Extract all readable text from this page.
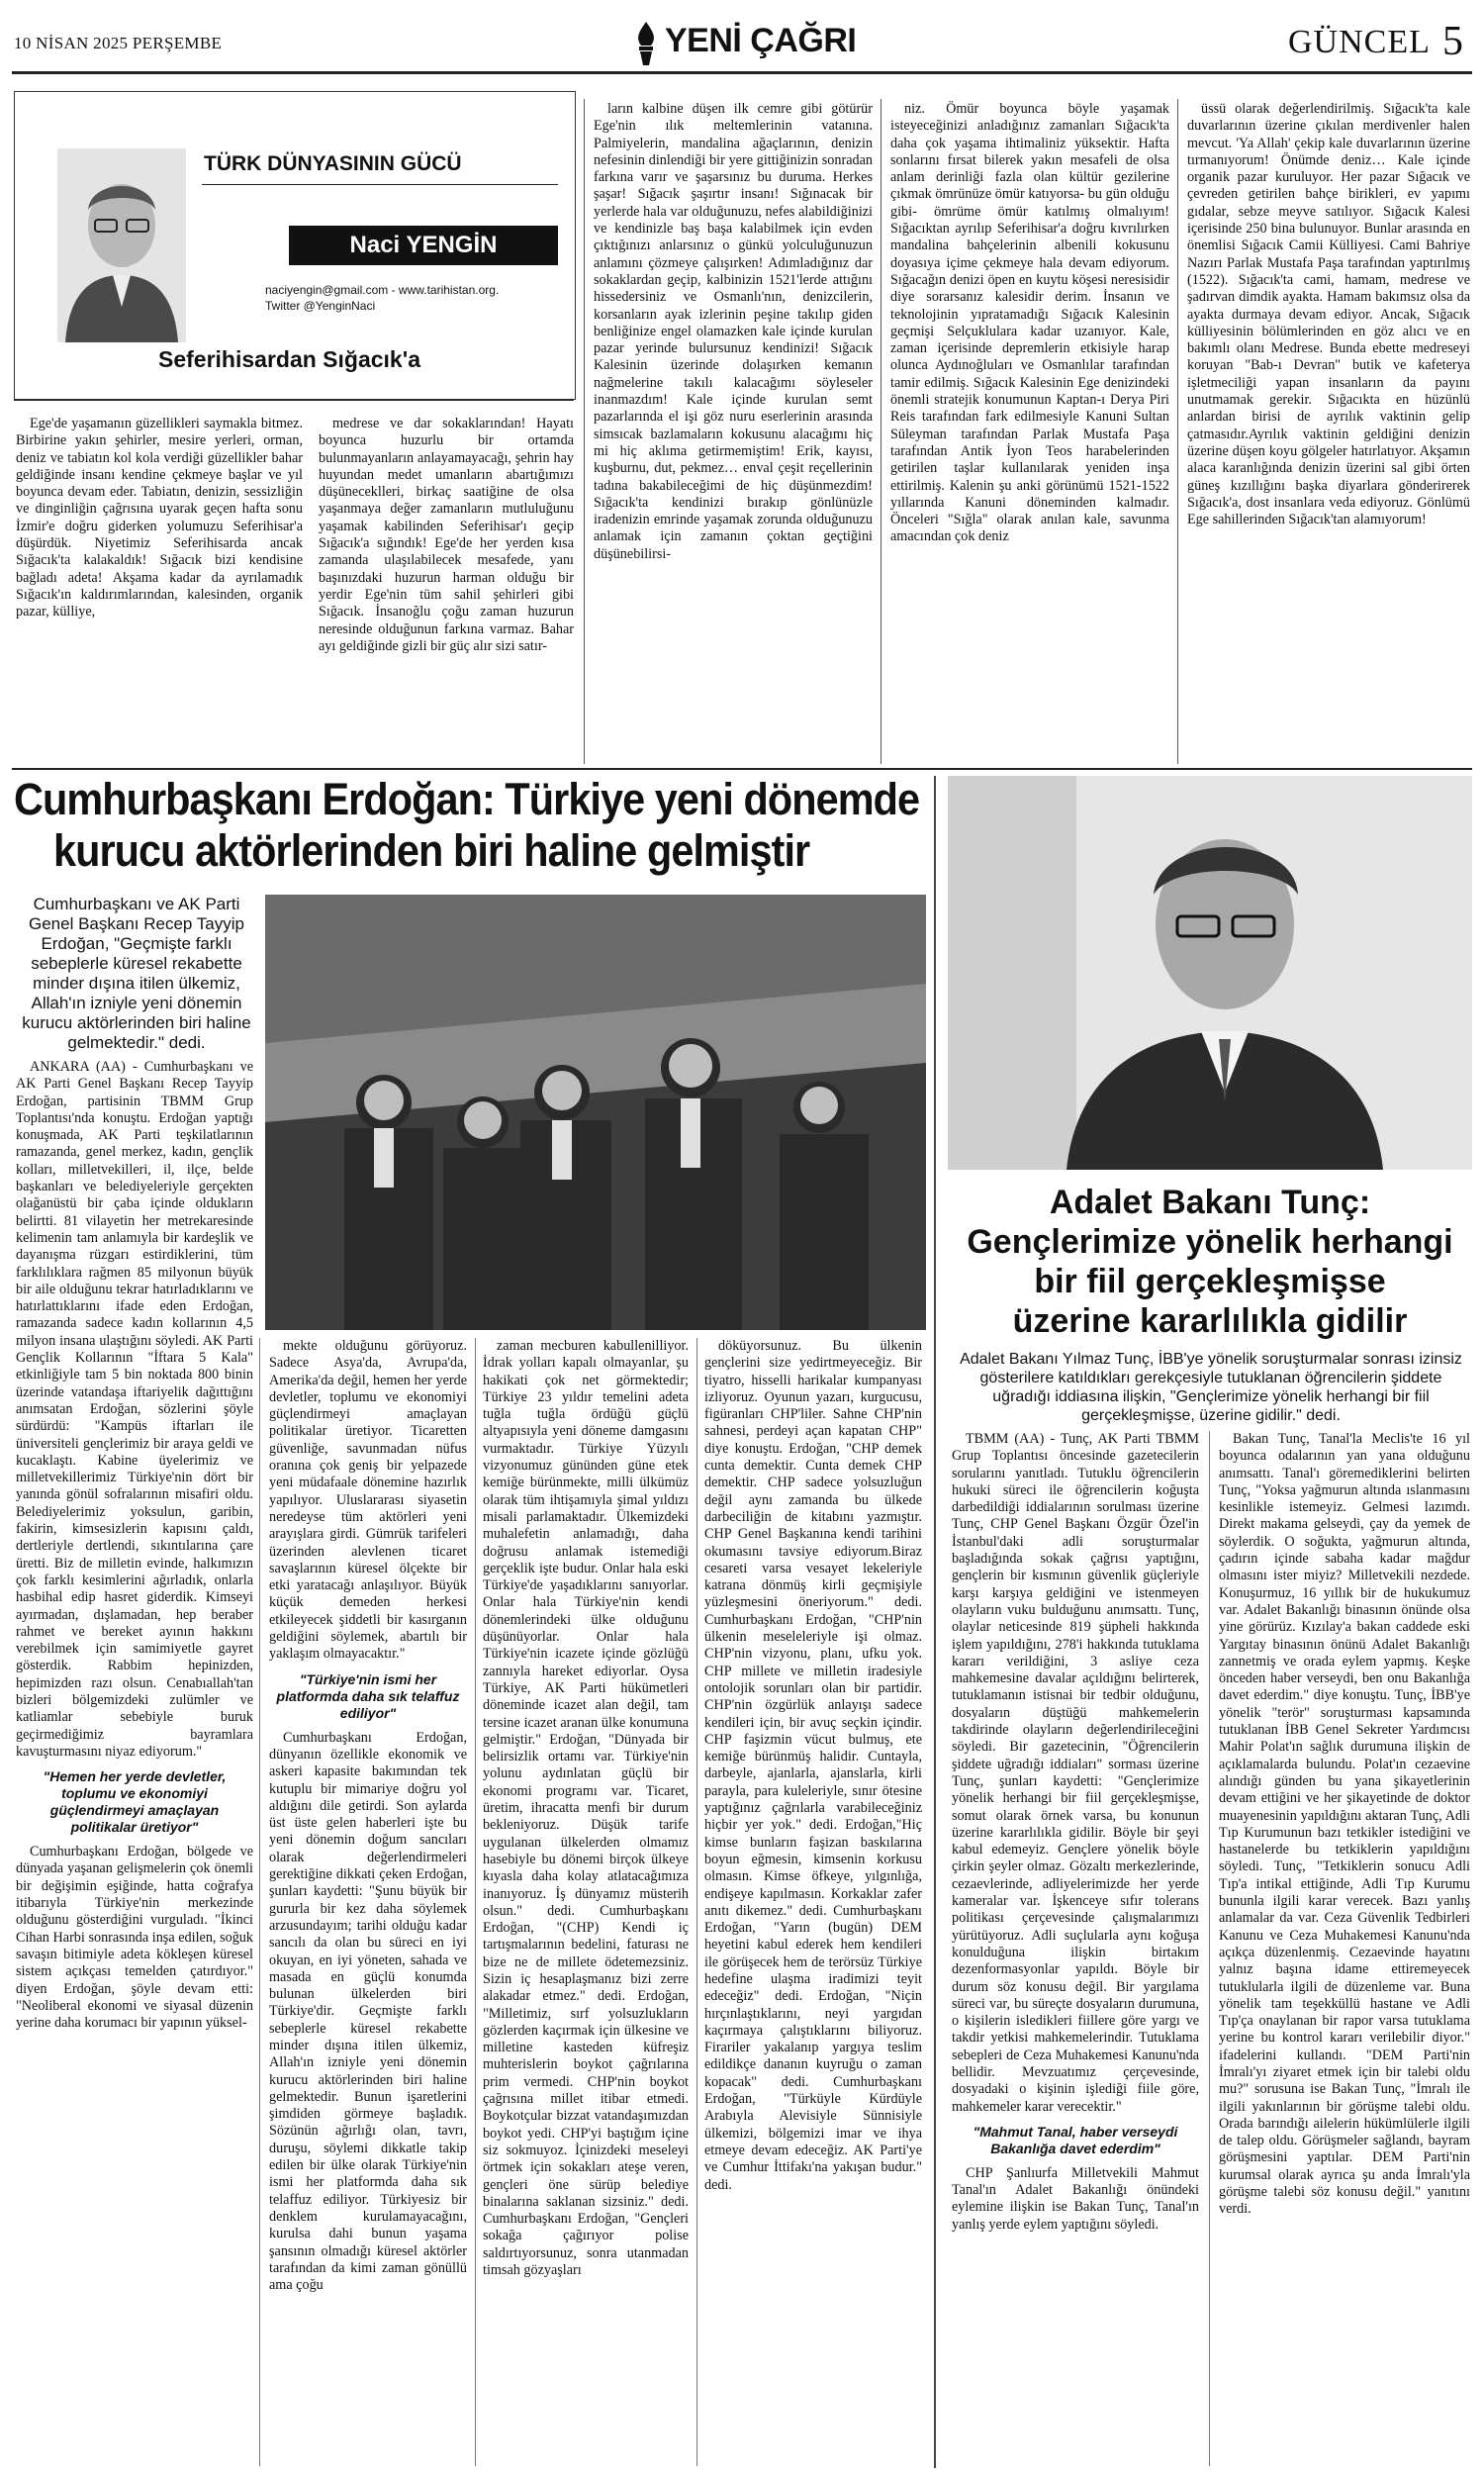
10 NİSAN 2025 PERŞEMBE	YENİ ÇAĞRI	GÜNCEL 5
TÜRK DÜNYASININ GÜCÜ
Naci YENGİN
naciyengin@gmail.com - www.tarihistan.org.
Twitter @YenginNaci
Seferihisardan Sığacık'a

Ege'de yaşamanın güzellikleri saymakla bitmez. Birbirine yakın şehirler, mesire yerleri, orman, deniz ve tabiatın kol kola verdiği güzellikler bahar geldiğinde insanı kendine çekmeye başlar ve yıl boyunca devam eder. Tabiatın, denizin, sessizliğin ve dinginliğin çağrısına uyarak geçen hafta sonu İzmir'e doğru giderken yolumuzu Seferihisar'a düşürdük. Niyetimiz Seferihisarda ancak Sığacık'ta kalakaldık! Sığacık bizi kendisine bağladı adeta! Akşama kadar da ayrılamadık Sığacık'ın kaldırımlarından, kalesinden, organik pazar, külliye,

medrese ve dar sokaklarından! Hayatı boyunca huzurlu bir ortamda bulunmayanların anlayamayacağı, şehrin hay huyundan medet umanların abartığımızı düşüneceklleri, birkaç saatiğine de olsa yaşanmaya değer zamanların mutluluğunu yaşamak kabilinden Seferihisar'ı geçip Sığacık'a sığındık! Ege'de her yerden kısa zamanda ulaşılabilecek mesafede, yanı başınızdaki huzurun harman olduğu bir yerdir Ege'nin tüm sahil şehirleri gibi Sığacık. İnsanoğlu çoğu zaman huzurun neresinde olduğunun farkına varmaz. Bahar ayı geldiğinde gizli bir güç alır sizi satır-

ların kalbine düşen ilk cemre gibi götürür Ege'nin ılık meltemlerinin vatanına. Palmiyelerin, mandalina ağaçlarının, denizin nefesinin dinlendiği bir yere gittiğinizin sonradan farkına varır ve şaşarsınız bu duruma. Herkes şaşar! Sığacık şaşırtır insanı! Sığınacak bir yerlerde hala var olduğunuzu, nefes alabildiğinizi ve kendinizle baş başa kalabilmek için evden çıktığınızı anlarsınız o günkü yolculuğunuzun anlamını çözmeye çalışırken! Adımladığınız dar sokaklardan geçip, kalbinizin 1521'lerde attığını hissedersiniz ve Osmanlı'nın, denizcilerin, korsanların ayak izlerinin peşine takılıp giden benliğinize engel olamazken kale içinde kurulan pazar yerinde bulursunuz kendinizi! Sığacık Kalesinin üzerinde dolaşırken kemanın nağmelerine takılı kalacağımı söyleseler inanmazdım! Kale içinde kurulan semt pazarlarında el işi göz nuru eserlerinin arasında simsıcak bazlamaların kokusunu alacağımı hiç mi hiç aklıma getirmemiştim! Erik, kayısı, kuşburnu, dut, pekmez… enval çeşit reçellerinin tadına bakabileceğimi de hiç düşünmezdim! Sığacık'ta kendinizi bırakıp gönlünüzle iradenizin emrinde yaşamak zorunda olduğunuzu anlamak için zamanın çoktan geçtiğini düşünebilirsi-

niz. Ömür boyunca böyle yaşamak isteyeceğinizi anladığınız zamanları Sığacık'ta daha çok yaşama ihtimaliniz yüksektir. Hafta sonlarını fırsat bilerek yakın mesafeli de olsa anlam derinliği fazla olan kültür gezilerine çıkmak ömrünüze ömür katıyorsa- bu gün olduğu gibi- ömrüme ömür katılmış olmalıyım! Sığacıktan ayrılıp Seferihisar'a doğru kıvrılırken mandalina bahçelerinin albenili kokusunu doyasıya içime çekmeye hala devam ediyorum. Sığacağın denizi öpen en kuytu köşesi neresisidir diye sorarsanız kalesidir derim. İnsanın ve teknolojinin yıpratamadığı Sığacık Kalesinin geçmişi Selçuklulara kadar uzanıyor. Kale, zaman içerisinde depremlerin etkisiyle harap olunca Aydınoğluları ve Osmanlılar tarafından tamir edilmiş. Sığacık Kalesinin Ege denizindeki önemli stratejik konumunun Kaptan-ı Derya Piri Reis tarafından fark edilmesiyle Kanuni Sultan Süleyman tarafından Parlak Mustafa Paşa tarafından Antik İyon Teos harabelerinden getirilen taşlar kullanılarak yeniden inşa ettirilmiş. Kalenin şu anki görünümü 1521-1522 yıllarında Kanuni döneminden kalmadır. Önceleri "Sığla" olarak anılan kale, savunma amacından çok deniz

üssü olarak değerlendirilmiş. Sığacık'ta kale duvarlarının üzerine çıkılan merdivenler halen mevcut. 'Ya Allah' çekip kale duvarlarının üzerine tırmanıyorum! Önümde deniz… Kale içinde organik pazar kuruluyor. Her pazar Sığacık ve çevreden getirilen bahçe birikleri, ev yapımı gıdalar, sebze meyve satılıyor. Sığacık Kalesi içerisinde 250 bina bulunuyor. Bunlar arasında en önemlisi Sığacık Camii Külliyesi. Cami Bahriye Nazırı Parlak Mustafa Paşa tarafından yaptırılmış (1522). Sığacık'ta cami, hamam, medrese ve şadırvan dimdik ayakta. Hamam bakımsız olsa da ayakta durmaya devam ediyor. Ancak, Sığacık külliyesinin bölümlerinden en göz alıcı ve en bakımlı olanı Medrese. Bunda ebette medreseyi koruyan "Bab-ı Devran" butik ve kafeterya işletmeciliği yapan insanların da payını unutmamak gerekir. Sığacıkta en hüzünlü anlardan birisi de ayrılık vaktinin gelip çatmasıdır.Ayrılık vaktinin geldiğini denizin üzerine düşen koyu gölgeler hatırlatıyor. Akşamın alaca karanlığında denizin üzerini sal gibi örten güneş kızıllığını başka diyarlara gönderirerek Sığacık'a, dost insanlara veda ediyoruz. Gönlümü Ege sahillerinden Sığacık'tan alamıyorum!

Cumhurbaşkanı Erdoğan: Türkiye yeni dönemde
kurucu aktörlerinden biri haline gelmiştir
Cumhurbaşkanı ve AK Parti Genel Başkanı Recep Tayyip Erdoğan, "Geçmişte farklı sebeplerle küresel rekabette minder dışına itilen ülkemiz, Allah'ın izniyle yeni dönemin kurucu aktörlerinden biri haline gelmektedir." dedi.

ANKARA (AA) - Cumhurbaşkanı ve AK Parti Genel Başkanı Recep Tayyip Erdoğan, partisinin TBMM Grup Toplantısı'nda konuştu. Erdoğan yaptığı konuşmada, AK Parti teşkilatlarının ramazanda, genel merkez, kadın, gençlik kolları, milletvekilleri, il, ilçe, belde başkanları ve belediyeleriyle gerçekten olağanüstü bir çaba içinde oldukların belirtti. 81 vilayetin her metrekaresinde kelimenin tam anlamıyla bir kardeşlik ve dayanışma rüzgarı estirdiklerini, tüm farklılıklara rağmen 85 milyonun büyük bir aile olduğunu tekrar hatırladıklarını ve hatırlattıklarını ifade eden Erdoğan, ramazanda sadece kadın kollarının 4,5 milyon insana ulaştığını söyledi. AK Parti Gençlik Kollarının "İftara 5 Kala" etkinliğiyle tam 5 bin noktada 800 binin üzerinde vatandaşa iftariyelik dağıttığını anımsatan Erdoğan, sözlerini şöyle sürdürdü: "Kampüs iftarları ile üniversiteli gençlerimiz bir araya geldi ve kucaklaştı. Kabine üyelerimiz ve milletvekillerimiz Türkiye'nin dört bir yanında gönül sofralarının misafiri oldu. Belediyelerimiz yoksulun, garibin, fakirin, kimsesizlerin kapısını çaldı, dertleriyle dertlendi, sıkıntılarına çare üretti. Biz de milletin evinde, halkımızın çok farklı kesimlerini ağırladık, onlarla hasbihal edip hasret giderdik. Kimseyi ayırmadan, dışlamadan, hep beraber rahmet ve bereket ayının hakkını verebilmek için samimiyetle gayret gösterdik. Rabbim hepinizden, hepimizden razı olsun. Cenabıallah'tan bizleri bölgemizdeki zulümler ve katliamlar sebebiyle buruk geçirmediğimiz bayramlara kavuşturmasını niyaz ediyorum."

"Hemen her yerde devletler, toplumu ve ekonomiyi güçlendirmeyi amaçlayan politikalar üretiyor"

Cumhurbaşkanı Erdoğan, bölgede ve dünyada yaşanan gelişmelerin çok önemli bir değişimin eşiğinde, hatta coğrafya itibarıyla Türkiye'nin merkezinde olduğunu gösterdiğini vurguladı. "İkinci Cihan Harbi sonrasında inşa edilen, soğuk savaşın bitimiyle adeta kökleşen küresel sistem açıkçası temelden çatırdıyor." diyen Erdoğan, şöyle devam etti: "Neoliberal ekonomi ve siyasal düzenin yerine daha korumacı bir yapının yüksel-

mekte olduğunu görüyoruz. Sadece Asya'da, Avrupa'da, Amerika'da değil, hemen her yerde devletler, toplumu ve ekonomiyi güçlendirmeyi amaçlayan politikalar üretiyor. Ticaretten güvenliğe, savunmadan nüfus oranına çok geniş bir yelpazede yeni müdafaale dönemine hazırlık yapılıyor. Uluslararası siyasetin neredeyse tüm aktörleri yeni arayışlara girdi. Gümrük tarifeleri üzerinden alevlenen ticaret savaşlarının küresel ölçekte bir etki yaratacağı anlaşılıyor. Büyük küçük demeden herkesi etkileyecek şiddetli bir kasırganın geldiğini söylemek, abartılı bir yaklaşım olmayacaktır."

"Türkiye'nin ismi her platformda daha sık telaffuz ediliyor"

Cumhurbaşkanı Erdoğan, dünyanın özellikle ekonomik ve askeri kapasite bakımından tek kutuplu bir mimariye doğru yol aldığını dile getirdi. Son aylarda üst üste gelen haberleri işte bu yeni dönemin doğum sancıları olarak değerlendirmeleri gerektiğine dikkati çeken Erdoğan, şunları kaydetti: "Şunu büyük bir gururla bir kez daha söylemek arzusundayım; tarihi olduğu kadar sancılı da olan bu süreci en iyi okuyan, en iyi yöneten, sahada ve masada en güçlü konumda bulunan ülkelerden biri Türkiye'dir. Geçmişte farklı sebeplerle küresel rekabette minder dışına itilen ülkemiz, Allah'ın izniyle yeni dönemin kurucu aktörlerinden biri haline gelmektedir. Bunun işaretlerini şimdiden görmeye başladık. Sözünün ağırlığı olan, tavrı, duruşu, söylemi dikkatle takip edilen bir ülke olarak Türkiye'nin ismi her platformda daha sık telaffuz ediliyor. Türkiyesiz bir denklem kurulamayacağını, kurulsa dahi bunun yaşama şansının olmadığı küresel aktörler tarafından da kimi zaman gönüllü ama çoğu

zaman mecburen kabullenilliyor. İdrak yolları kapalı olmayanlar, şu hakikati çok net görmektedir; Türkiye 23 yıldır temelini adeta tuğla tuğla ördüğü güçlü altyapısıyla yeni döneme damgasını vurmaktadır. Türkiye Yüzyılı vizyonumuz gününden güne etek kemiğe bürünmekte, milli ülkümüz olarak tüm ihtişamıyla şimal yıldızı misali parlamaktadır. Ülkemizdeki muhalefetin anlamadığı, daha doğrusu anlamak istemediği gerçeklik işte budur. Onlar hala eski Türkiye'de yaşadıklarını sanıyorlar. Onlar hala Türkiye'nin kendi dönemlerindeki ülke olduğunu düşünüyorlar. Onlar hala Türkiye'nin icazete içinde gözlüğü zannıyla hareket ediyorlar. Oysa Türkiye, AK Parti hükümetleri döneminde icazet alan değil, tam tersine icazet aranan ülke konumuna gelmiştir." Erdoğan, "Dünyada bir belirsizlik ortamı var. Türkiye'nin yolunu aydınlatan güçlü bir ekonomi programı var. Ticaret, üretim, ihracatta menfi bir durum bekleniyoruz. Düşük tarife uygulanan ülkelerden olmamız hasebiyle bu dönemi birçok ülkeye kıyasla daha kolay atlatacağımıza inanıyoruz. İş dünyamız müsterih olsun." dedi. Cumhurbaşkanı Erdoğan, "(CHP) Kendi iç tartışmalarının bedelini, faturası ne bize ne de millete ödetemezsiniz. Sizin iç hesaplaşmanız bizi zerre alakadar etmez." dedi. Erdoğan, "Milletimiz, sırf yolsuzlukların gözlerden kaçırmak için ülkesine ve milletine kasteden küfreşiz muhterislerin boykot çağrılarına prim vermedi. CHP'nin boykot çağrısına millet itibar etmedi. Boykotçular bizzat vatandaşımızdan boykot yedi. CHP'yi baştığım içine siz sokmuyoz. İçinizdeki meseleyi örtmek için sokakları ateşe veren, gençleri öne sürüp belediye binalarına saklanan sizsiniz." dedi. Cumhurbaşkanı Erdoğan, "Gençleri sokağa çağırıyor polise saldırtıyorsunuz, sonra utanmadan timsah gözyaşları

döküyorsunuz. Bu ülkenin gençlerini size yedirtmeyeceğiz. Bir tiyatro, hisselli harikalar kumpanyası izliyoruz. Oyunun yazarı, kurgucusu, figüranları CHP'liler. Sahne CHP'nin sahnesi, perdeyi açan kapatan CHP" diye konuştu. Erdoğan, "CHP demek cunta demektir. Cunta demek CHP demektir. CHP sadece yolsuzluğun değil aynı zamanda bu ülkede darbeciliğin de kitabını yazmıştır. CHP Genel Başkanına kendi tarihini okumasını tavsiye ediyorum.Biraz cesareti varsa vesayet lekeleriyle katrana dönmüş kirli geçmişiyle yüzleşmesini öneriyorum." dedi. Cumhurbaşkanı Erdoğan, "CHP'nin ülkenin meseleleriyle işi olmaz. CHP'nin vizyonu, planı, ufku yok. CHP millete ve milletin iradesiyle ontolojik sorunları olan bir partidir. CHP'nin özgürlük anlayışı sadece kendileri için, bir avuç seçkin içindir. CHP faşizmin vücut bulmuş, ete kemiğe bürünmüş halidir. Cuntayla, darbeyle, ajanlarla, ajanslarla, kirli parayla, para kuleleriyle, sınır ötesine yaptığınız çağrılarla varabileceğiniz hiçbir yer yok." dedi. Erdoğan,"Hiç kimse bunların faşizan baskılarına boyun eğmesin, kimsenin korkusu olmasın. Kimse öfkeye, yılgınlığa, endişeye kapılmasın. Korkaklar zafer anıtı dikemez." dedi. Cumhurbaşkanı Erdoğan, "Yarın (bugün) DEM heyetini kabul ederek hem kendileri ile görüşecek hem de terörsüz Türkiye hedefine ulaşma iradimizi teyit edeceğiz" dedi. Erdoğan, "Niçin hırçınlaştıklarını, neyi yargıdan kaçırmaya çalıştıklarını biliyoruz. Firariler yakalanıp yargıya teslim edildikçe dananın kuyruğu o zaman kopacak" dedi. Cumhurbaşkanı Erdoğan, "Türküyle Kürdüyle Arabıyla Alevisiyle Sünnisiyle ülkemizi, bölgemizi imar ve ihya etmeye devam edeceğiz. AK Parti'ye ve Cumhur İttifakı'na yakışan budur." dedi.

Adalet Bakanı Tunç:
Gençlerimize yönelik herhangi
bir fiil gerçekleşmişse
üzerine kararlılıkla gidilir
Adalet Bakanı Yılmaz Tunç, İBB'ye yönelik soruşturmalar sonrası izinsiz gösterilere katıldıkları gerekçesiyle tutuklanan öğrencilerin şiddete uğradığı iddiasına ilişkin, "Gençlerimize yönelik herhangi bir fiil gerçekleşmişse, üzerine gidilir." dedi.

TBMM (AA) - Tunç, AK Parti TBMM Grup Toplantısı öncesinde gazetecilerin sorularını yanıtladı. Tutuklu öğrencilerin hukuki süreci ile öğrencilerin koğuşta darbedildiği iddialarının sorulması üzerine Tunç, CHP Genel Başkanı Özgür Özel'in İstanbul'daki adli soruşturmalar başladığında sokak çağrısı yaptığını, gençlerin bir kısmının güvenlik güçleriyle karşı karşıya geldiğini ve istenmeyen olayların vuku bulduğunu anımsattı. Tunç, olaylar neticesinde 819 şüpheli hakkında işlem yapıldığını, 278'i hakkında tutuklama kararı verildiğini, 3 asliye ceza mahkemesine davalar açıldığını belirterek, tutuklamanın istisnai bir tedbir olduğunu, dosyaların düştüğü mahkemelerin takdirinde olayların değerlendirileceğini söyledi. Bir gazetecinin, "Öğrencilerin şiddete uğradığı iddiaları" sorması üzerine Tunç, şunları kaydetti: "Gençlerimize yönelik herhangi bir fiil gerçekleşmişse, somut olarak örnek varsa, bu konunun üzerine kararlılıkla gidilir. Böyle bir şeyi kabul edemeyiz. Gençlere yönelik böyle çirkin şeyler olmaz. Gözaltı merkezlerinde, cezaevlerinde, adliyelerimizde her yerde kameralar var. İşkenceye sıfır tolerans politikası çerçevesinde çalışmalarımızı yürütüyoruz. Adli suçlularla aynı koğuşa konulduğuna ilişkin birtakım dezenformasyonlar yapıldı. Böyle bir durum söz konusu değil. Bir yargılama süreci var, bu süreçte dosyaların durumuna, o kişilerin isledikleri fiillere göre yargı ve takdir yetkisi mahkemelerindir. Tutuklama sebepleri de Ceza Muhakemesi Kanunu'nda bellidir. Mevzuatımız çerçevesinde, dosyadaki o kişinin işlediği fiile göre, mahkemeler karar verecektir."

"Mahmut Tanal, haber verseydi Bakanlığa davet ederdim"

CHP Şanlıurfa Milletvekili Mahmut Tanal'ın Adalet Bakanlığı önündeki eylemine ilişkin ise Bakan Tunç, Tanal'ın yanlış yerde eylem yaptığını söyledi.

Bakan Tunç, Tanal'la Meclis'te 16 yıl boyunca odalarının yan yana olduğunu anımsattı. Tanal'ı göremediklerini belirten Tunç, "Yoksa yağmurun altında ıslanmasını kesinlikle istemeyiz. Gelmesi lazımdı. Direkt makama gelseydi, çay da yemek de söylerdik. O soğukta, yağmurun altında, çadırın içinde sabaha kadar mağdur olmasını ister miyiz? Milletvekili nezdede. Konuşurmuz, 16 yıllık bir de hukukumuz var. Adalet Bakanlığı binasının önünde olsa yine görürüz. Kızılay'a bakan caddede eski Yargıtay binasının önünü Adalet Bakanlığı zannetmiş ve orada eylem yapmış. Keşke önceden haber verseydi, ben onu Bakanlığa davet ederdim." diye konuştu. Tunç, İBB'ye yönelik "terör" soruşturması kapsamında tutuklanan İBB Genel Sekreter Yardımcısı Mahir Polat'ın sağlık durumuna ilişkin de açıklamalarda bulundu. Polat'ın cezaevine alındığı günden bu yana şikayetlerinin devam ettiğini ve her şikayetinde de doktor muayenesinin yapıldığını aktaran Tunç, Adli Tıp Kurumunun bazı tetkikler istediğini ve hastanelerde bu tetkiklerin yapıldığını söyledi. Tunç, "Tetkiklerin sonucu Adli Tıp'a intikal ettiğinde, Adli Tıp Kurumu bununla ilgili karar verecek. Bazı yanlış anlamalar da var. Ceza Güvenlik Tedbirleri Kanunu ve Ceza Muhakemesi Kanunu'nda açıkça düzenlenmiş. Cezaevinde hayatını yalnız başına idame ettiremeyecek tutuklularla ilgili de düzenleme var. Buna yönelik tam teşekküllü hastane ve Adli Tıp'ça onaylanan bir rapor varsa tutuklama yerine bu kontrol kararı verilebilir diyor." ifadelerini kullandı. "DEM Parti'nin İmralı'yı ziyaret etmek için bir talebi oldu mu?" sorusuna ise Bakan Tunç, "İmralı ile ilgili yakınlarının bir görüşme talebi oldu. Orada barındığı ailelerin hükümlülerle ilgili de talep oldu. Görüşmeler sağlandı, bayram görüşmesini yaptılar. DEM Parti'nin kurumsal olarak ayrıca şu anda İmralı'yla görüşme talebi söz konusu değil." yanıtını verdi.
